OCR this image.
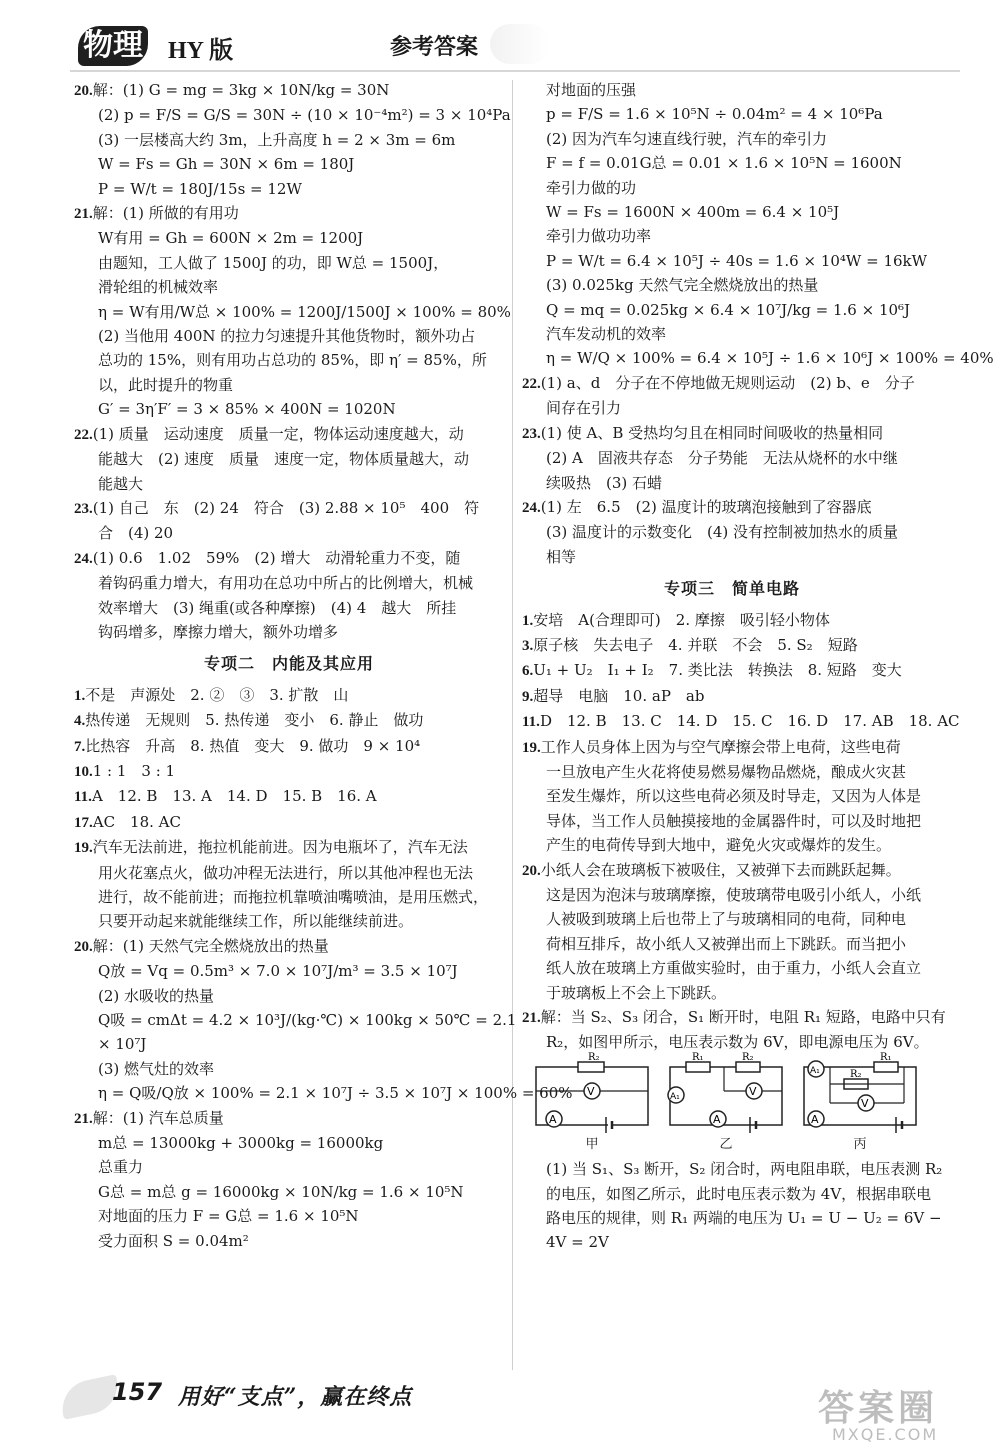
物理 HY 版	参考答案
20.解：(1) G = mg = 3kg × 10N/kg = 30N
(2) p = F/S = G/S = 30N ÷ (10 × 10⁻⁴m²) = 3 × 10⁴Pa
(3) 一层楼高大约 3m，上升高度 h = 2 × 3m = 6m
W = Fs = Gh = 30N × 6m = 180J
P = W/t = 180J/15s = 12W
21.解：(1) 所做的有用功
W有用 = Gh = 600N × 2m = 1200J
由题知，工人做了 1500J 的功，即 W总 = 1500J，
滑轮组的机械效率
η = W有用/W总 × 100% = 1200J/1500J × 100% = 80%
(2) 当他用 400N 的拉力匀速提升其他货物时，额外功占
总功的 15%，则有用功占总功的 85%，即 η′ = 85%，所
以，此时提升的物重
G′ = 3η′F′ = 3 × 85% × 400N = 1020N
22.(1) 质量　运动速度　质量一定，物体运动速度越大，动
能越大　(2) 速度　质量　速度一定，物体质量越大，动
能越大
23.(1) 自己　东　(2) 24　符合　(3) 2.88 × 10⁵　400　符
合　(4) 20
24.(1) 0.6　1.02　59%　(2) 增大　动滑轮重力不变，随
着钩码重力增大，有用功在总功中所占的比例增大，机械
效率增大　(3) 绳重(或各种摩擦)　(4) 4　越大　所挂
钩码增多，摩擦力增大，额外功增多
专项二　内能及其应用
1.不是　声源处　2. ②　③　3. 扩散　山
4.热传递　无规则　5. 热传递　变小　6. 静止　做功
7.比热容　升高　8. 热值　变大　9. 做功　9 × 10⁴
10.1 : 1　3 : 1
11.A　12. B　13. A　14. D　15. B　16. A
17.AC　18. AC
19.汽车无法前进，拖拉机能前进。因为电瓶坏了，汽车无法
用火花塞点火，做功冲程无法进行，所以其他冲程也无法
进行，故不能前进；而拖拉机靠喷油嘴喷油，是用压燃式，
只要开动起来就能继续工作，所以能继续前进。
20.解：(1) 天然气完全燃烧放出的热量
Q放 = Vq = 0.5m³ × 7.0 × 10⁷J/m³ = 3.5 × 10⁷J
(2) 水吸收的热量
Q吸 = cmΔt = 4.2 × 10³J/(kg·℃) × 100kg × 50℃ = 2.1
× 10⁷J
(3) 燃气灶的效率
η = Q吸/Q放 × 100% = 2.1 × 10⁷J ÷ 3.5 × 10⁷J × 100% = 60%
21.解：(1) 汽车总质量
m总 = 13000kg + 3000kg = 16000kg
总重力
G总 = m总 g = 16000kg × 10N/kg = 1.6 × 10⁵N
对地面的压力 F = G总 = 1.6 × 10⁵N
受力面积 S = 0.04m²
对地面的压强
p = F/S = 1.6 × 10⁵N ÷ 0.04m² = 4 × 10⁶Pa
(2) 因为汽车匀速直线行驶，汽车的牵引力
F = f = 0.01G总 = 0.01 × 1.6 × 10⁵N = 1600N
牵引力做的功
W = Fs = 1600N × 400m = 6.4 × 10⁵J
牵引力做功功率
P = W/t = 6.4 × 10⁵J ÷ 40s = 1.6 × 10⁴W = 16kW
(3) 0.025kg 天然气完全燃烧放出的热量
Q = mq = 0.025kg × 6.4 × 10⁷J/kg = 1.6 × 10⁶J
汽车发动机的效率
η = W/Q × 100% = 6.4 × 10⁵J ÷ 1.6 × 10⁶J × 100% = 40%
22.(1) a、d　分子在不停地做无规则运动　(2) b、e　分子
间存在引力
23.(1) 使 A、B 受热均匀且在相同时间吸收的热量相同
(2) A　固液共存态　分子势能　无法从烧杯的水中继
续吸热　(3) 石蜡
24.(1) 左　6.5　(2) 温度计的玻璃泡接触到了容器底
(3) 温度计的示数变化　(4) 没有控制被加热水的质量
相等
专项三　简单电路
1.安培　A(合理即可)　2. 摩擦　吸引轻小物体
3.原子核　失去电子　4. 并联　不会　5. S₂　短路
6.U₁ + U₂　I₁ + I₂　7. 类比法　转换法　8. 短路　变大
9.超导　电脑　10. aP　ab
11.D　12. B　13. C　14. D　15. C　16. D　17. AB　18. AC
19.工作人员身体上因为与空气摩擦会带上电荷，这些电荷
一旦放电产生火花将使易燃易爆物品燃烧，酿成火灾甚
至发生爆炸，所以这些电荷必须及时导走，又因为人体是
导体，当工作人员触摸接地的金属器件时，可以及时地把
产生的电荷传导到大地中，避免火灾或爆炸的发生。
20.小纸人会在玻璃板下被吸住，又被弹下去而跳跃起舞。
这是因为泡沫与玻璃摩擦，使玻璃带电吸引小纸人，小纸
人被吸到玻璃上后也带上了与玻璃相同的电荷，同种电
荷相互排斥，故小纸人又被弹出而上下跳跃。而当把小
纸人放在玻璃上方重做实验时，由于重力，小纸人会直立
于玻璃板上不会上下跳跃。
21.解：当 S₂、S₃ 闭合，S₁ 断开时，电阻 R₁ 短路，电路中只有
R₂，如图甲所示，电压表示数为 6V，即电源电压为 6V。
R₂
V
A
甲
R₁	R₂
V
A₁
A
乙
A₁
R₁
R₂
V
A
丙
(1) 当 S₁、S₃ 断开，S₂ 闭合时，两电阻串联，电压表测 R₂
的电压，如图乙所示，此时电压表示数为 4V，根据串联电
路电压的规律，则 R₁ 两端的电压为 U₁ = U − U₂ = 6V −
4V = 2V
157 用好“支点”，赢在终点	答案圈
MXQE.COM
